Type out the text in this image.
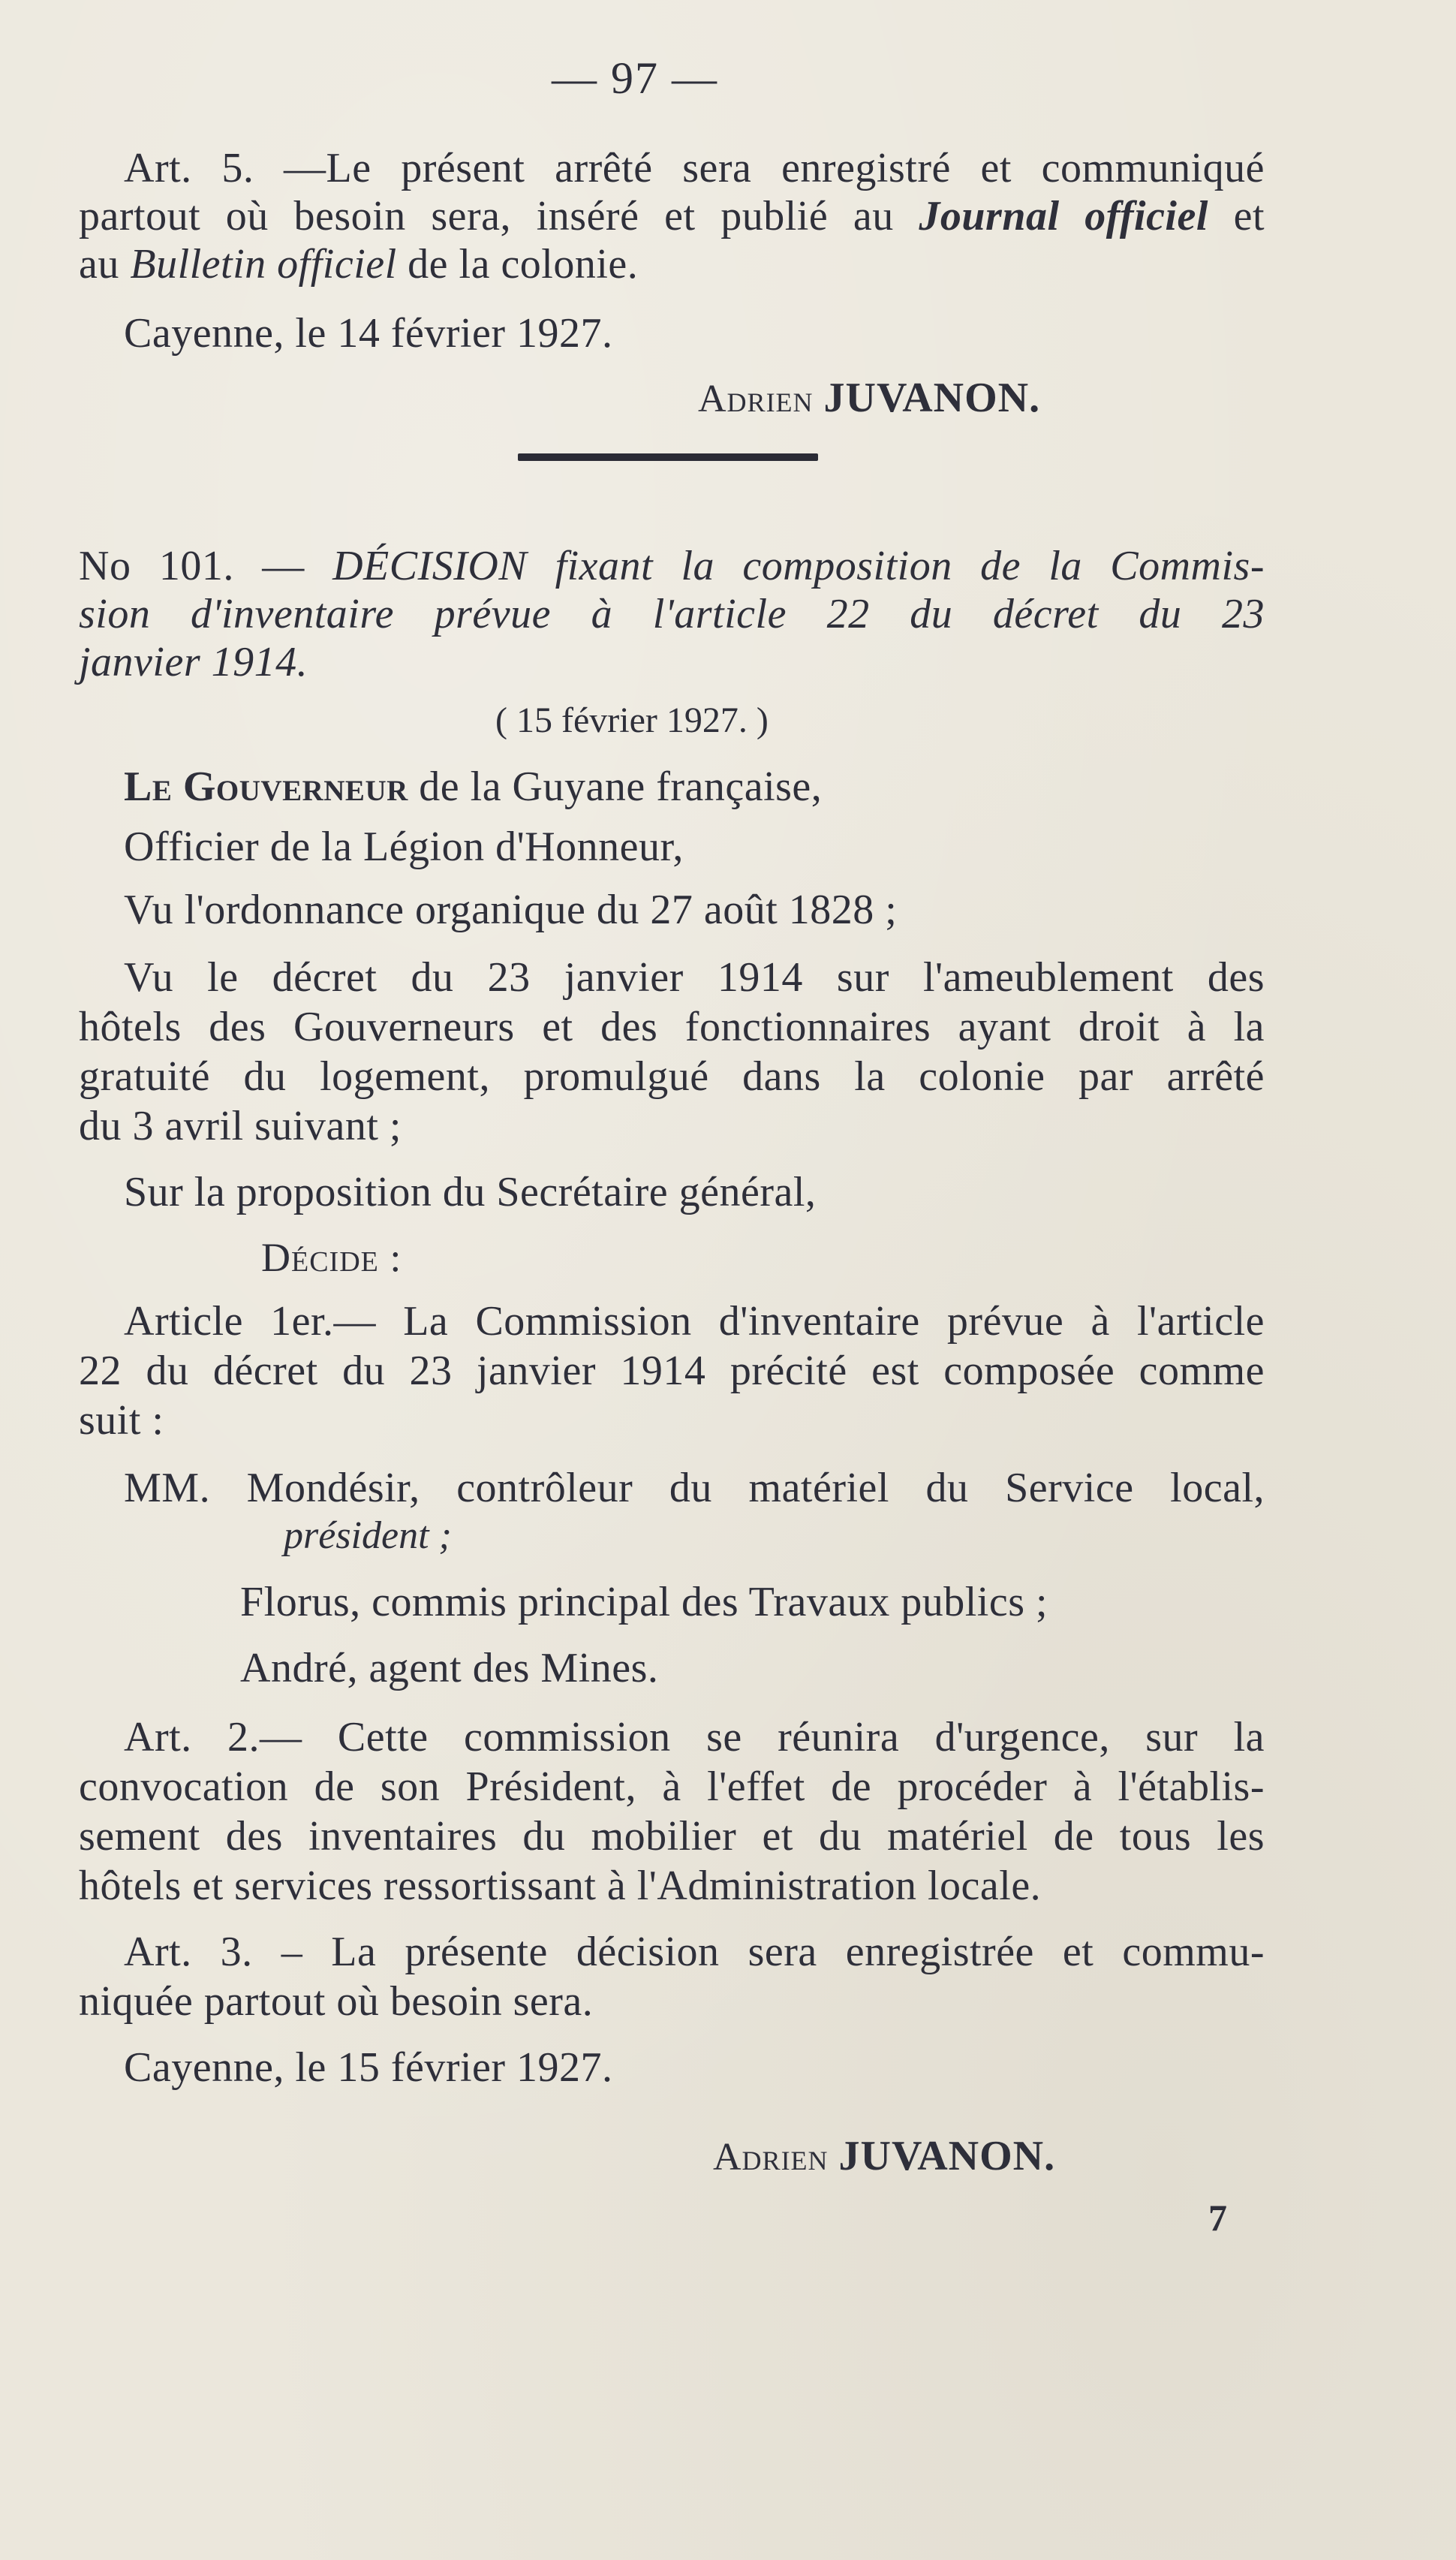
— 97 —
Art. 5. —Le présent arrêté sera enregistré et communiqué
partout où besoin sera, inséré et publié au Journal officiel et
au Bulletin officiel de la colonie.
Cayenne, le 14 février 1927.
Adrien JUVANON.
No 101. — DÉCISION fixant la composition de la Commis-
sion d'inventaire prévue à l'article 22 du décret du 23
janvier 1914.
( 15 février 1927. )
Le Gouverneur de la Guyane française,
Officier de la Légion d'Honneur,
Vu l'ordonnance organique du 27 août 1828 ;
Vu le décret du 23 janvier 1914 sur l'ameublement des
hôtels des Gouverneurs et des fonctionnaires ayant droit à la
gratuité du logement, promulgué dans la colonie par arrêté
du 3 avril suivant ;
Sur la proposition du Secrétaire général,
Décide :
Article 1er.— La Commission d'inventaire prévue à l'article
22 du décret du 23 janvier 1914 précité est composée comme
suit :
MM. Mondésir, contrôleur du matériel du Service local,
président ;
Florus, commis principal des Travaux publics ;
André, agent des Mines.
Art. 2.— Cette commission se réunira d'urgence, sur la
convocation de son Président, à l'effet de procéder à l'établis-
sement des inventaires du mobilier et du matériel de tous les
hôtels et services ressortissant à l'Administration locale.
Art. 3. – La présente décision sera enregistrée et commu-
niquée partout où besoin sera.
Cayenne, le 15 février 1927.
Adrien JUVANON.
7
